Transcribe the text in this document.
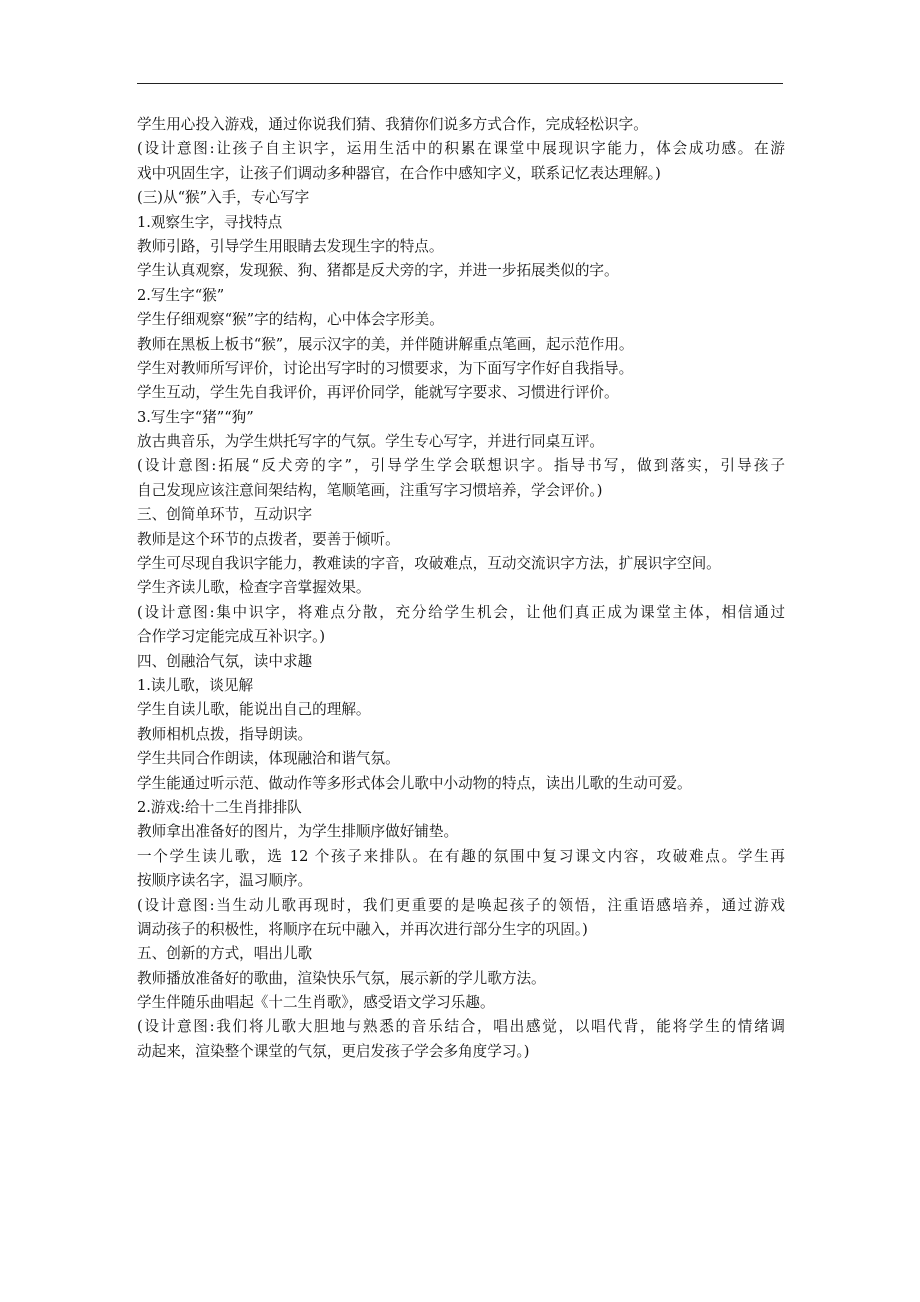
学生用心投入游戏，通过你说我们猜、我猜你们说多方式合作，完成轻松识字。
(设计意图:让孩子自主识字，运用生活中的积累在课堂中展现识字能力，体会成功感。在游
戏中巩固生字，让孩子们调动多种器官，在合作中感知字义，联系记忆表达理解。)
(三)从“猴”入手，专心写字
1.观察生字，寻找特点
教师引路，引导学生用眼睛去发现生字的特点。
学生认真观察，发现猴、狗、猪都是反犬旁的字，并进一步拓展类似的字。
2.写生字“猴”
学生仔细观察“猴”字的结构，心中体会字形美。
教师在黑板上板书“猴”，展示汉字的美，并伴随讲解重点笔画，起示范作用。
学生对教师所写评价，讨论出写字时的习惯要求，为下面写字作好自我指导。
学生互动，学生先自我评价，再评价同学，能就写字要求、习惯进行评价。
3.写生字“猪”“狗”
放古典音乐，为学生烘托写字的气氛。学生专心写字，并进行同桌互评。
(设计意图:拓展“反犬旁的字”，引导学生学会联想识字。指导书写，做到落实，引导孩子
自己发现应该注意间架结构，笔顺笔画，注重写字习惯培养，学会评价。)
三、创简单环节，互动识字
教师是这个环节的点拨者，要善于倾听。
学生可尽现自我识字能力，教难读的字音，攻破难点，互动交流识字方法，扩展识字空间。
学生齐读儿歌，检查字音掌握效果。
(设计意图:集中识字，将难点分散，充分给学生机会，让他们真正成为课堂主体，相信通过
合作学习定能完成互补识字。)
四、创融洽气氛，读中求趣
1.读儿歌，谈见解
学生自读儿歌，能说出自己的理解。
教师相机点拨，指导朗读。
学生共同合作朗读，体现融洽和谐气氛。
学生能通过听示范、做动作等多形式体会儿歌中小动物的特点，读出儿歌的生动可爱。
2.游戏:给十二生肖排排队
教师拿出准备好的图片，为学生排顺序做好铺垫。
一个学生读儿歌，选 12 个孩子来排队。在有趣的氛围中复习课文内容，攻破难点。学生再
按顺序读名字，温习顺序。
(设计意图:当生动儿歌再现时，我们更重要的是唤起孩子的领悟，注重语感培养，通过游戏
调动孩子的积极性，将顺序在玩中融入，并再次进行部分生字的巩固。)
五、创新的方式，唱出儿歌
教师播放准备好的歌曲，渲染快乐气氛，展示新的学儿歌方法。
学生伴随乐曲唱起《十二生肖歌》，感受语文学习乐趣。
(设计意图:我们将儿歌大胆地与熟悉的音乐结合，唱出感觉，以唱代背，能将学生的情绪调
动起来，渲染整个课堂的气氛，更启发孩子学会多角度学习。)
